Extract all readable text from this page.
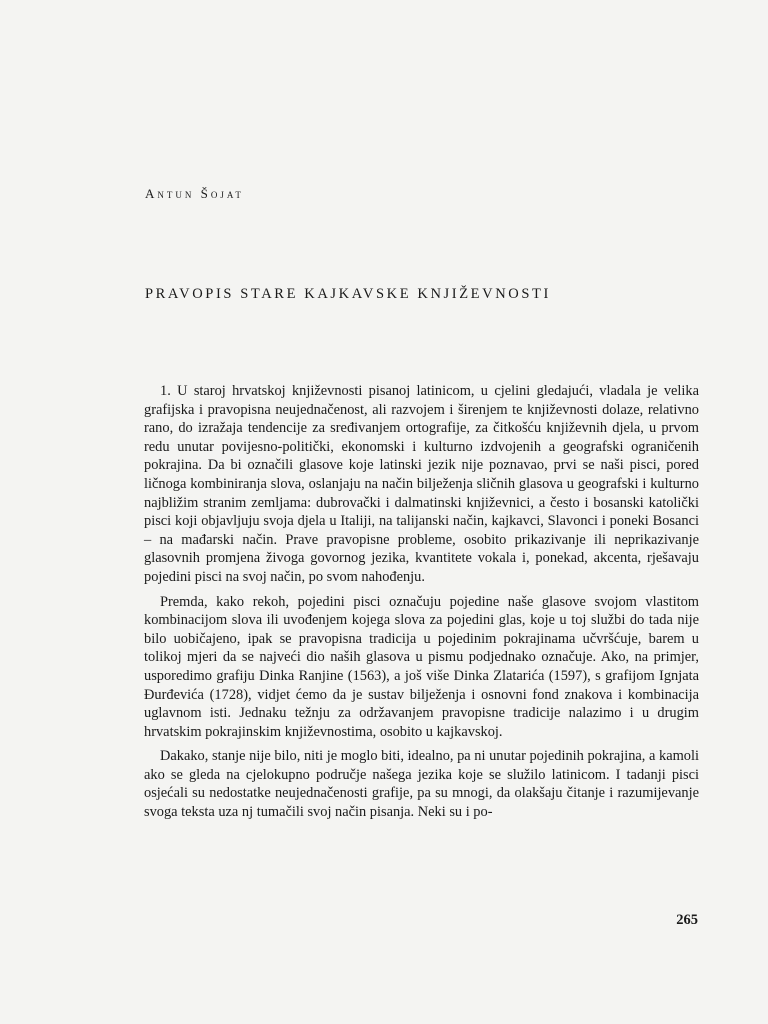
Antun Šojat
PRAVOPIS STARE KAJKAVSKE KNJIŽEVNOSTI

1. U staroj hrvatskoj književnosti pisanoj latinicom, u cjelini gledajući, vladala je velika grafijska i pravopisna neujednačenost, ali razvojem i širenjem te književnosti dolaze, relativno rano, do izražaja tendencije za sređivanjem ortografije, za čitkošću književnih djela, u prvom redu unutar povijesno-politički, ekonomski i kulturno izdvojenih a geografski ograničenih pokrajina. Da bi označili glasove koje latinski jezik nije poznavao, prvi se naši pisci, pored ličnoga kombiniranja slova, oslanjaju na način bilježenja sličnih glasova u geografski i kulturno najbližim stranim zemljama: dubrovački i dalmatinski književnici, a često i bosanski katolički pisci koji objavljuju svoja djela u Italiji, na talijanski način, kajkavci, Slavonci i poneki Bosanci – na mađarski način. Prave pravopisne probleme, osobito prikazivanje ili neprikazivanje glasovnih promjena živoga govornog jezika, kvantitete vokala i, ponekad, akcenta, rješavaju pojedini pisci na svoj način, po svom nahođenju.

Premda, kako rekoh, pojedini pisci označuju pojedine naše glasove svojom vlastitom kombinacijom slova ili uvođenjem kojega slova za pojedini glas, koje u toj službi do tada nije bilo uobičajeno, ipak se pravopisna tradicija u pojedinim pokrajinama učvršćuje, barem u tolikoj mjeri da se najveći dio naših glasova u pismu podjednako označuje. Ako, na primjer, usporedimo grafiju Dinka Ranjine (1563), a još više Dinka Zlatarića (1597), s grafijom Ignjata Đurđevića (1728), vidjet ćemo da je sustav bilježenja i osnovni fond znakova i kombinacija uglavnom isti. Jednaku težnju za održavanjem pravopisne tradicije nalazimo i u drugim hrvatskim pokrajinskim književnostima, osobito u kajkavskoj.

Dakako, stanje nije bilo, niti je moglo biti, idealno, pa ni unutar pojedinih pokrajina, a kamoli ako se gleda na cjelokupno područje našega jezika koje se služilo latinicom. I tadanji pisci osjećali su nedostatke neujednačenosti grafije, pa su mnogi, da olakšaju čitanje i razumijevanje svoga teksta uza nj tumačili svoj način pisanja. Neki su i po-

265
